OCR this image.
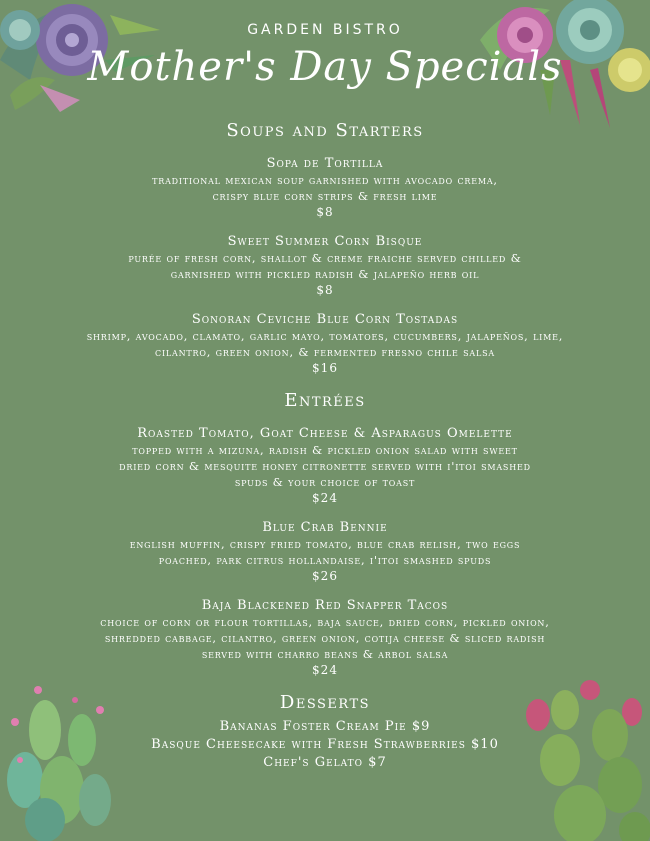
GARDEN BISTRO
Mother's Day Specials
Soups and Starters
Sopa de Tortilla
traditional mexican soup garnished with avocado crema,
crispy blue corn strips & fresh lime
$8
Sweet Summer Corn Bisque
purée of fresh corn, shallot & creme fraiche served chilled &
garnished with pickled radish & jalapeño herb oil
$8
Sonoran Ceviche Blue Corn Tostadas
shrimp, avocado, clamato, garlic mayo, tomatoes, cucumbers, jalapeños, lime,
cilantro, green onion, & fermented fresno chile salsa
$16
Entrées
Roasted Tomato, Goat Cheese & Asparagus Omelette
topped with a mizuna, radish & pickled onion salad with sweet
dried corn & mesquite honey citronette served with i'itoi smashed
spuds & your choice of toast
$24
Blue Crab Bennie
english muffin, crispy fried tomato, blue crab relish, two eggs
poached, park citrus hollandaise, i'itoi smashed spuds
$26
Baja Blackened Red Snapper Tacos
choice of corn or flour tortillas, baja sauce, dried corn, pickled onion,
shredded cabbage, cilantro, green onion, cotija cheese & sliced radish
served with charro beans & arbol salsa
$24
Desserts
Bananas Foster Cream Pie $9
Basque Cheesecake with Fresh Strawberries $10
Chef's Gelato $7
